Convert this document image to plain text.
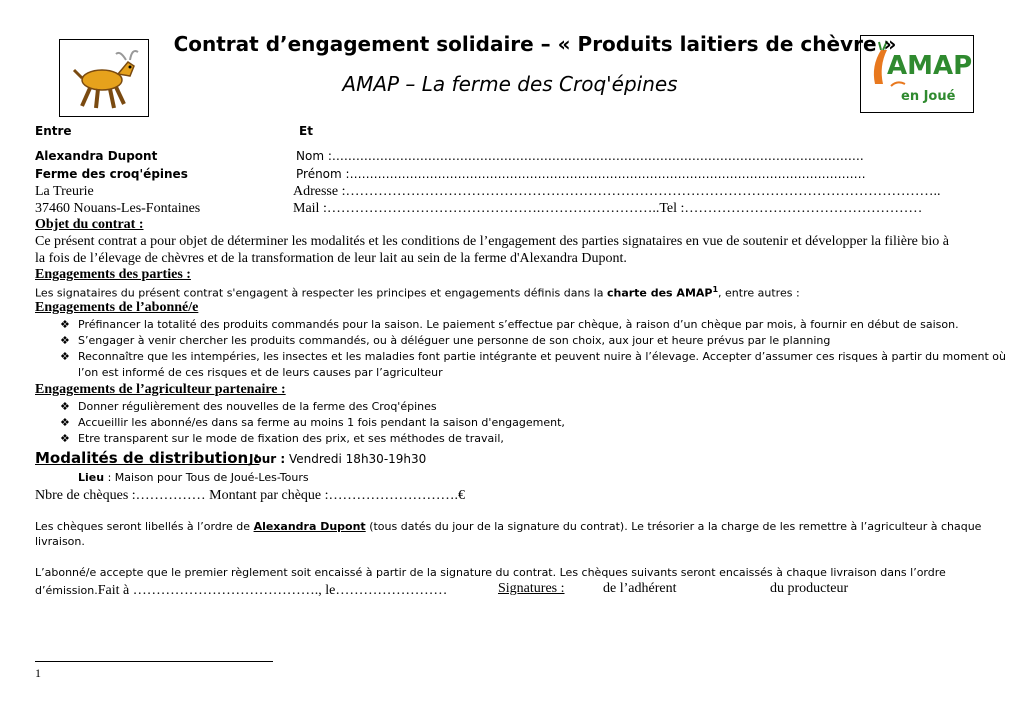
AMAP
en Joué
Contrat d’engagement solidaire – « Produits laitiers de chèvre »
AMAP – La ferme des Croq'épines
Entre	Et
Alexandra Dupont	Nom :…………………………………………………………………………………………………………………….
Ferme des croq'épines	Prénom :…………………………………………………………………………………………………………………
La Treurie	Adresse :………………………………………………………………………………………………………………..
37460 Nouans-Les-Fontaines	Mail :……………………………………….……………………..Tel :……………………………………………
Objet du contrat :
Ce présent contrat a pour objet de déterminer les modalités et les conditions de l’engagement des parties signataires en vue de soutenir et développer la filière bio à
la fois de l’élevage de chèvres et de la transformation de leur lait au sein de la ferme d'Alexandra Dupont.
Engagements des parties :
Les signataires du présent contrat s'engagent à respecter les principes et engagements définis dans la charte des AMAP$^1$, entre autres :
Engagements de l’abonné/e
❖ Préfinancer la totalité des produits commandés pour la saison. Le paiement s’effectue par chèque, à raison d’un chèque par mois, à fournir en début de saison.
❖ S’engager à venir chercher les produits commandés, ou à déléguer une personne de son choix, aux jour et heure prévus par le planning
❖ Reconnaître que les intempéries, les insectes et les maladies font partie intégrante et peuvent nuire à l’élevage. Accepter d’assumer ces risques à partir du moment où
l’on est informé de ces risques et de leurs causes par l’agriculteur
Engagements de l’agriculteur partenaire :
❖ Donner régulièrement des nouvelles de la ferme des Croq'épines
❖ Accueillir les abonné/es dans sa ferme au moins 1 fois pendant la saison d'engagement,
❖ Etre transparent sur le mode de fixation des prix, et ses méthodes de travail,
Modalités de distribution :
Jour : Vendredi 18h30-19h30
Lieu : Maison pour Tous de Joué-Les-Tours
Nbre de chèques :…………… Montant par chèque :……………………….€
Les chèques seront libellés à l’ordre de Alexandra Dupont (tous datés du jour de la signature du contrat). Le trésorier a la charge de les remettre à l’agriculteur à chaque
livraison.
L’abonné/e accepte que le premier règlement soit encaissé à partir de la signature du contrat. Les chèques suivants seront encaissés à chaque livraison dans l’ordre
d’émission.Fait à …………………………………., le……………………	Signatures :	de l’adhérent	du producteur
1
